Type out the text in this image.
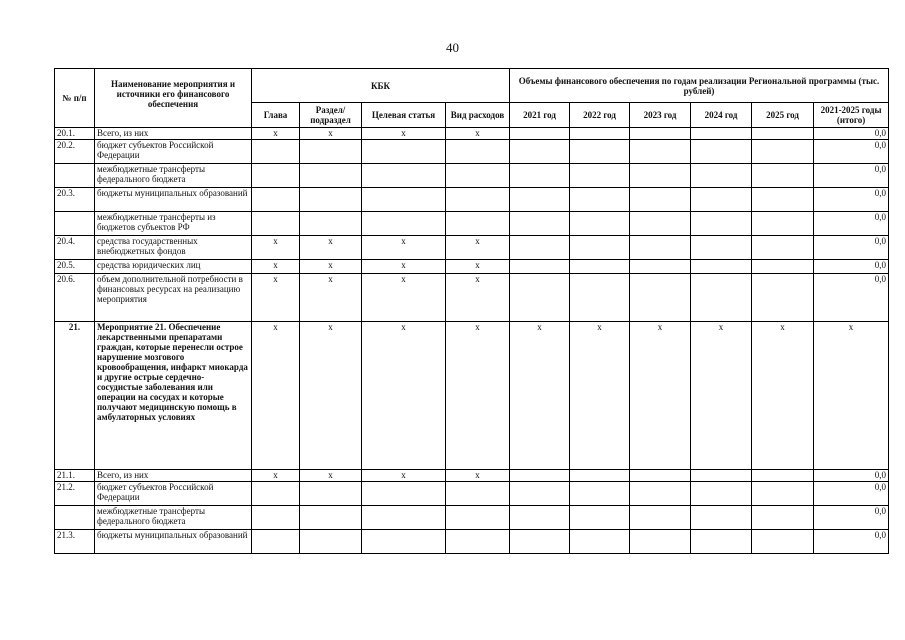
40
№ п/п	Наименование мероприятия и источники его финансового обеспечения	КБК				Объемы финансового обеспечения по годам реализации Региональной программы (тыс. рублей)					
		Глава	Раздел/ подраздел	Целевая статья	Вид расходов	2021 год	2022 год	2023 год	2024 год	2025 год	2021-2025 годы (итого)
20.1.	Всего, из них	x	x	x	x						0,0
20.2.	бюджет субъектов Российской Федерации										0,0
	межбюджетные трансферты федерального бюджета										0,0
20.3.	бюджеты муниципальных образований										0,0
	межбюджетные трансферты из бюджетов субъектов РФ										0,0
20.4.	средства государственных внебюджетных фондов	x	x	x	x						0,0
20.5.	средства юридических лиц	x	x	x	x						0,0
20.6.	объем дополнительной потребности в финансовых ресурсах на реализацию мероприятия	x	x	x	x						0,0
21.	Мероприятие 21. Обеспечение лекарственными препаратами граждан, которые перенесли острое нарушение мозгового кровообращения, инфаркт миокарда и другие острые сердечно-сосудистые заболевания или операции на сосудах и которые получают медицинскую помощь в амбулаторных условиях	x	x	x	x	x	x	x	x	x	x
21.1.	Всего, из них	x	x	x	x						0,0
21.2.	бюджет субъектов Российской Федерации										0,0
	межбюджетные трансферты федерального бюджета										0,0
21.3.	бюджеты муниципальных образований										0,0
